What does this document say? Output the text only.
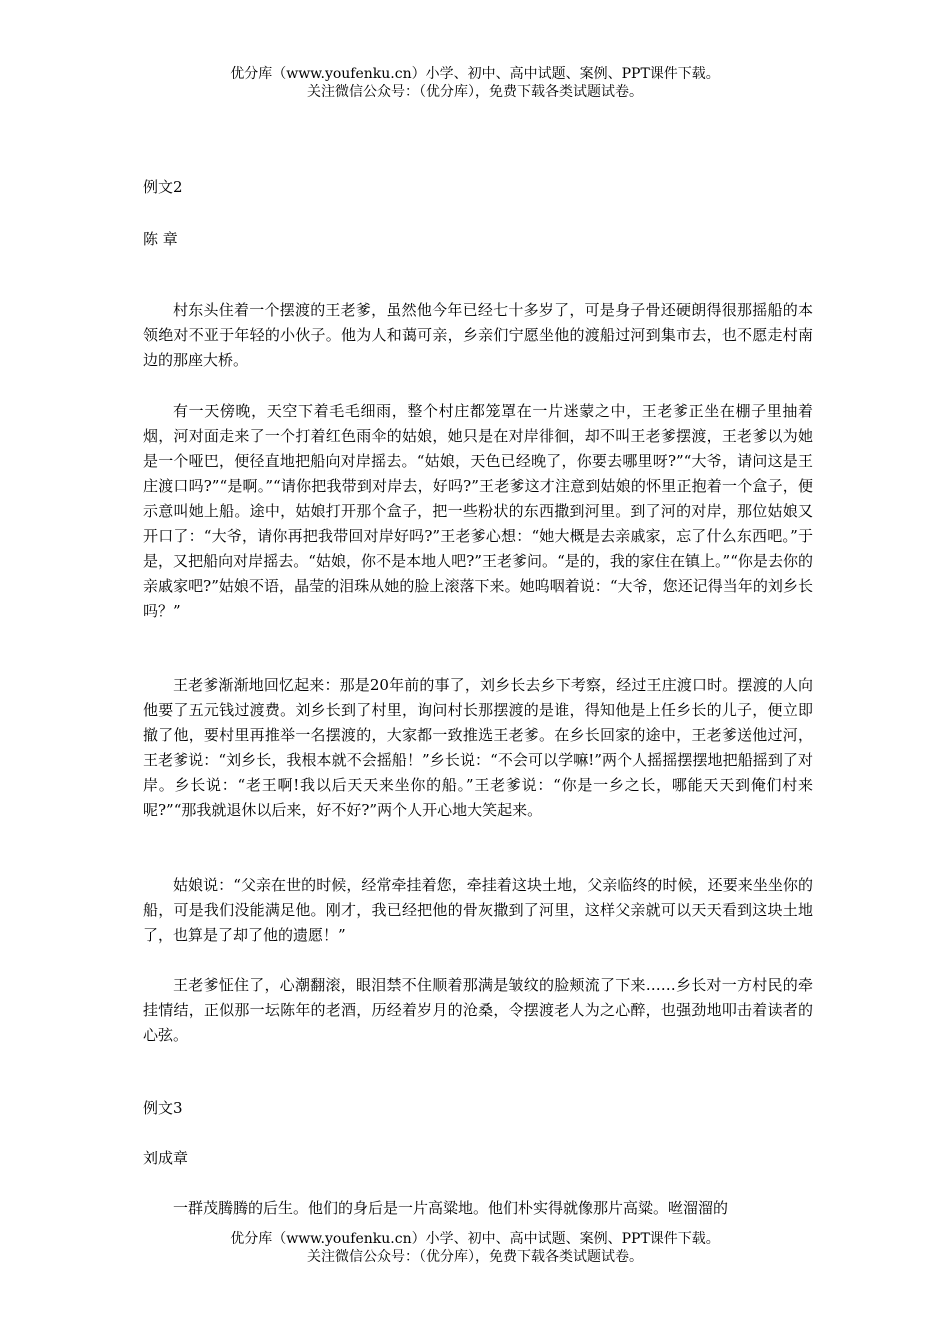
优分库（www.youfenku.cn）小学、初中、高中试题、案例、PPT课件下载。
关注微信公众号：（优分库），免费下载各类试题试卷。
例文2
陈 章
村东头住着一个摆渡的王老爹，虽然他今年已经七十多岁了，可是身子骨还硬朗得很那摇船的本领绝对不亚于年轻的小伙子。他为人和蔼可亲，乡亲们宁愿坐他的渡船过河到集市去，也不愿走村南边的那座大桥。
有一天傍晚，天空下着毛毛细雨，整个村庄都笼罩在一片迷蒙之中，王老爹正坐在棚子里抽着烟，河对面走来了一个打着红色雨伞的姑娘，她只是在对岸徘徊，却不叫王老爹摆渡，王老爹以为她是一个哑巴，便径直地把船向对岸摇去。“姑娘，天色已经晚了，你要去哪里呀?”“大爷，请问这是王庄渡口吗?”“是啊。”“请你把我带到对岸去，好吗?”王老爹这才注意到姑娘的怀里正抱着一个盒子，便示意叫她上船。途中，姑娘打开那个盒子，把一些粉状的东西撒到河里。到了河的对岸，那位姑娘又开口了：“大爷，请你再把我带回对岸好吗?”王老爹心想：“她大概是去亲戚家，忘了什么东西吧。”于是，又把船向对岸摇去。“姑娘，你不是本地人吧?”王老爹问。“是的，我的家住在镇上。”“你是去你的亲戚家吧?”姑娘不语，晶莹的泪珠从她的脸上滚落下来。她呜咽着说：“大爷，您还记得当年的刘乡长吗？”
王老爹渐渐地回忆起来：那是20年前的事了，刘乡长去乡下考察，经过王庄渡口时。摆渡的人向他要了五元钱过渡费。刘乡长到了村里，询问村长那摆渡的是谁，得知他是上任乡长的儿子，便立即撤了他，要村里再推举一名摆渡的，大家都一致推选王老爹。在乡长回家的途中，王老爹送他过河，王老爹说：“刘乡长，我根本就不会摇船！”乡长说：“不会可以学嘛!”两个人摇摇摆摆地把船摇到了对岸。乡长说：“老王啊!我以后天天来坐你的船。”王老爹说：“你是一乡之长，哪能天天到俺们村来呢?”“那我就退休以后来，好不好?”两个人开心地大笑起来。
姑娘说：“父亲在世的时候，经常牵挂着您，牵挂着这块土地，父亲临终的时候，还要来坐坐你的船，可是我们没能满足他。刚才，我已经把他的骨灰撒到了河里，这样父亲就可以天天看到这块土地了，也算是了却了他的遗愿！”
王老爹怔住了，心潮翻滚，眼泪禁不住顺着那满是皱纹的脸颊流了下来……乡长对一方村民的牵挂情结，正似那一坛陈年的老酒，历经着岁月的沧桑，令摆渡老人为之心醉，也强劲地叩击着读者的心弦。
例文3
刘成章
一群茂腾腾的后生。他们的身后是一片高粱地。他们朴实得就像那片高粱。咝溜溜的
优分库（www.youfenku.cn）小学、初中、高中试题、案例、PPT课件下载。
关注微信公众号：（优分库），免费下载各类试题试卷。
